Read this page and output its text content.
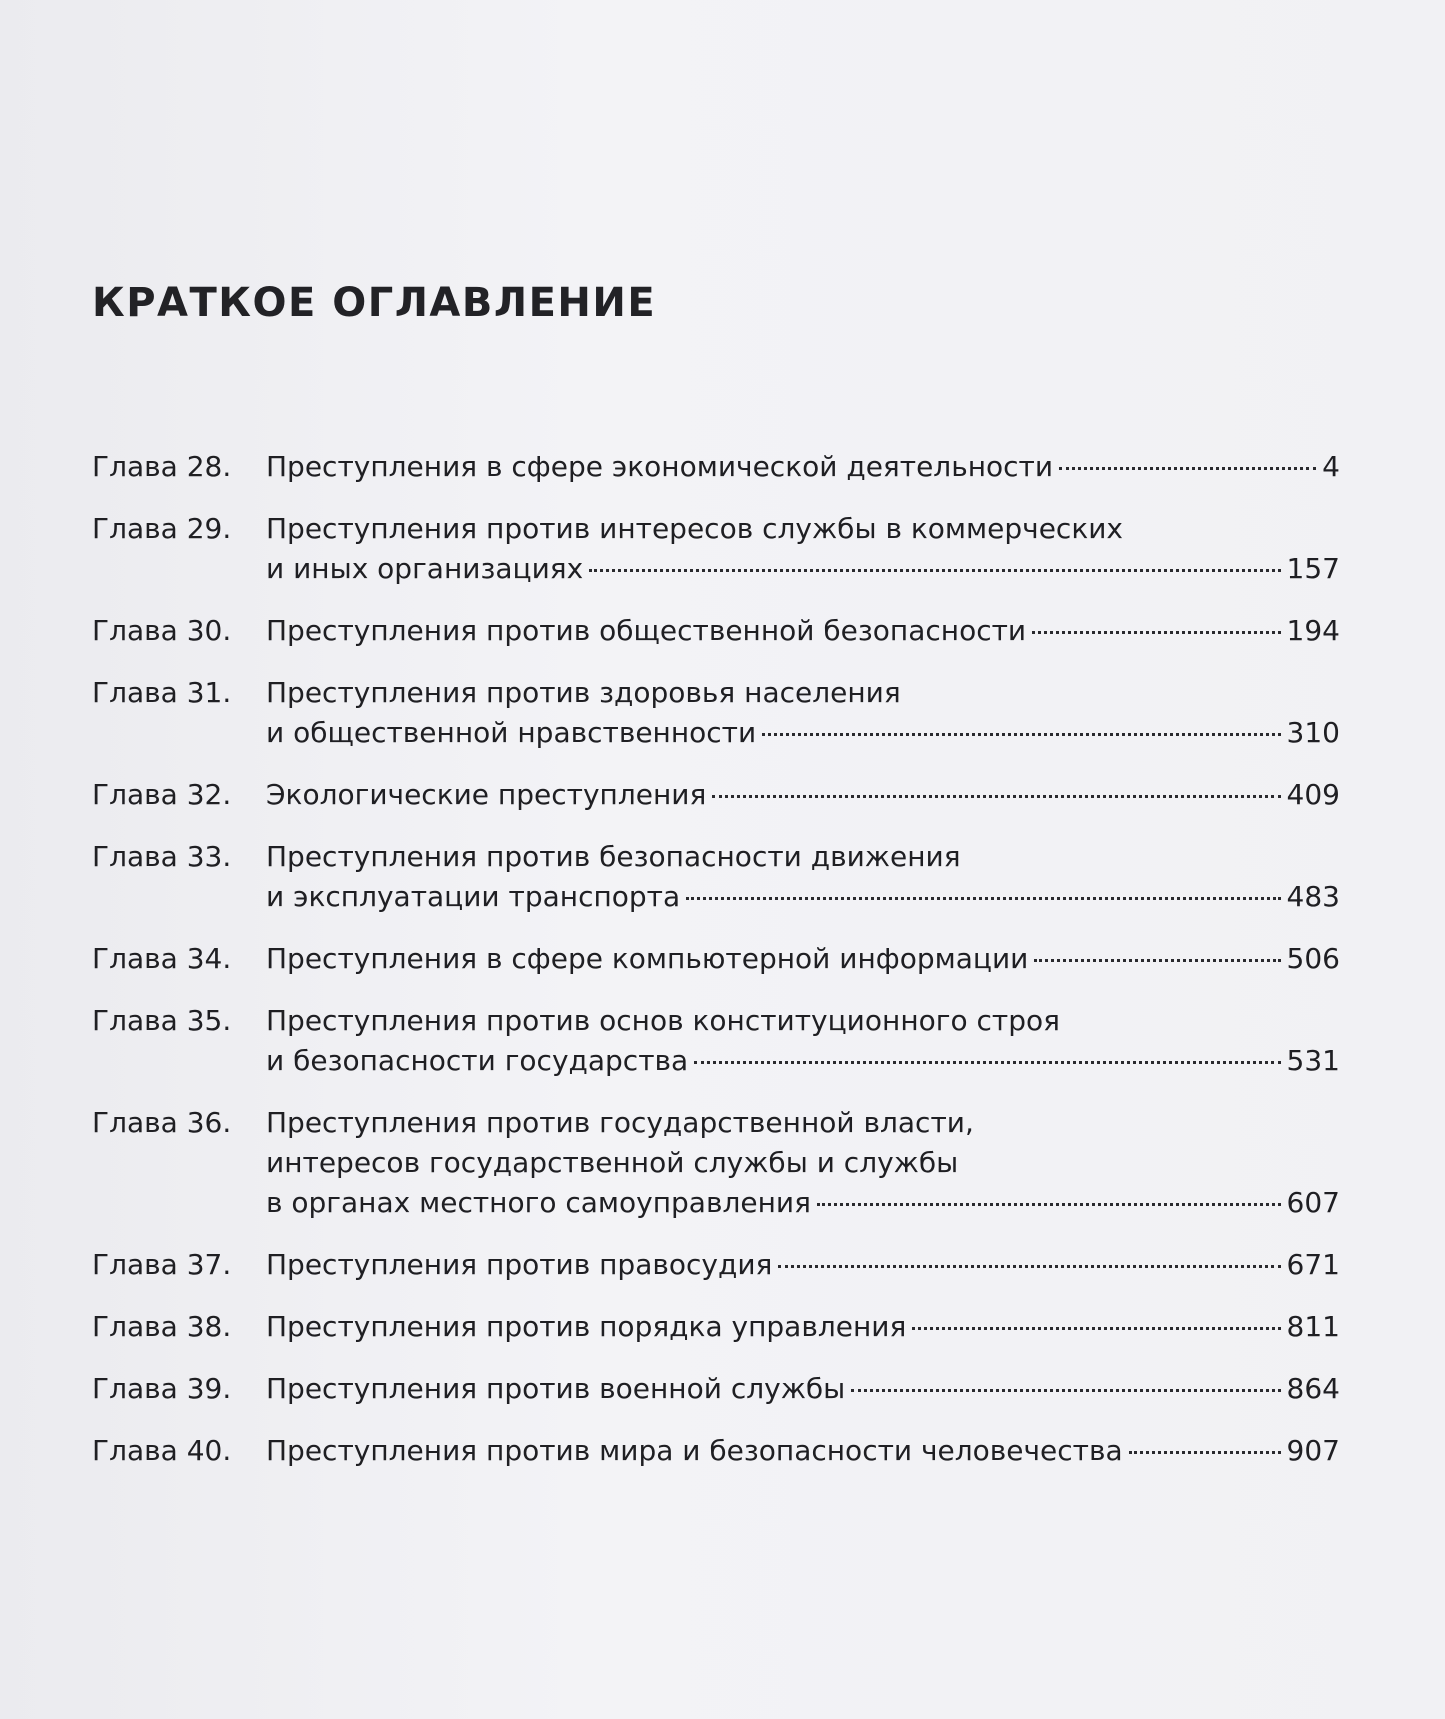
КРАТКОЕ ОГЛАВЛЕНИЕ
Глава 28. Преступления в сфере экономической деятельности	4
Глава 29. Преступления против интересов службы в коммерческих
и иных организациях	157
Глава 30. Преступления против общественной безопасности	194
Глава 31. Преступления против здоровья населения
и общественной нравственности	310
Глава 32. Экологические преступления	409
Глава 33. Преступления против безопасности движения
и эксплуатации транспорта	483
Глава 34. Преступления в сфере компьютерной информации	506
Глава 35. Преступления против основ конституционного строя
и безопасности государства	531
Глава 36. Преступления против государственной власти,
интересов государственной службы и службы
в органах местного самоуправления	607
Глава 37. Преступления против правосудия	671
Глава 38. Преступления против порядка управления	811
Глава 39. Преступления против военной службы	864
Глава 40. Преступления против мира и безопасности человечества	907
